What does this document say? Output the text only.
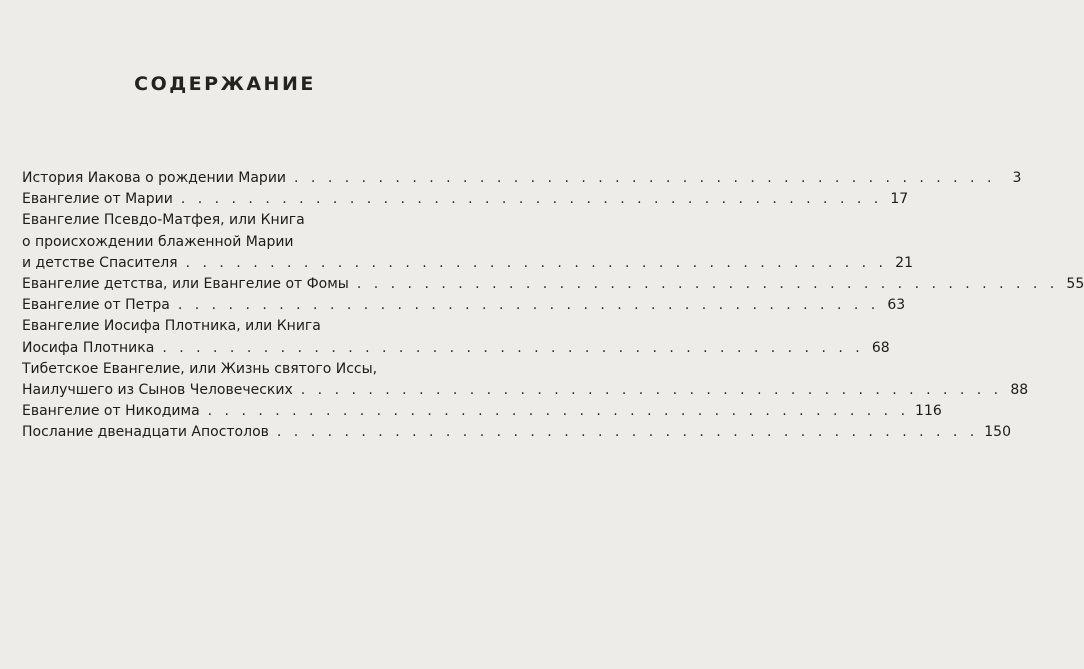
СОДЕРЖАНИЕ
История Иакова о рождении Марии . . . . . . . . . . . . . . . . . . . . . . . . . . . . . . . . . . . . . . . . . .	3
Евангелие от Марии . . . . . . . . . . . . . . . . . . . . . . . . . . . . . . . . . . . . . . . . . . 17
Евангелие Псевдо-Матфея, или Книга
о происхождении блаженной Марии
и детстве Спасителя . . . . . . . . . . . . . . . . . . . . . . . . . . . . . . . . . . . . . . . . . . 21
Евангелие детства, или Евангелие от Фомы . . . . . . . . . . . . . . . . . . . . . . . . . . . . . . . . . . . . . . . . . . 55
Евангелие от Петра . . . . . . . . . . . . . . . . . . . . . . . . . . . . . . . . . . . . . . . . . . 63
Евангелие Иосифа Плотника, или Книга
Иосифа Плотника . . . . . . . . . . . . . . . . . . . . . . . . . . . . . . . . . . . . . . . . . . 68
Тибетское Евангелие, или Жизнь святого Иссы,
Наилучшего из Сынов Человеческих . . . . . . . . . . . . . . . . . . . . . . . . . . . . . . . . . . . . . . . . . . 88
Евангелие от Никодима . . . . . . . . . . . . . . . . . . . . . . . . . . . . . . . . . . . . . . . . . . 116
Послание двенадцати Апостолов . . . . . . . . . . . . . . . . . . . . . . . . . . . . . . . . . . . . . . . . . . 150
